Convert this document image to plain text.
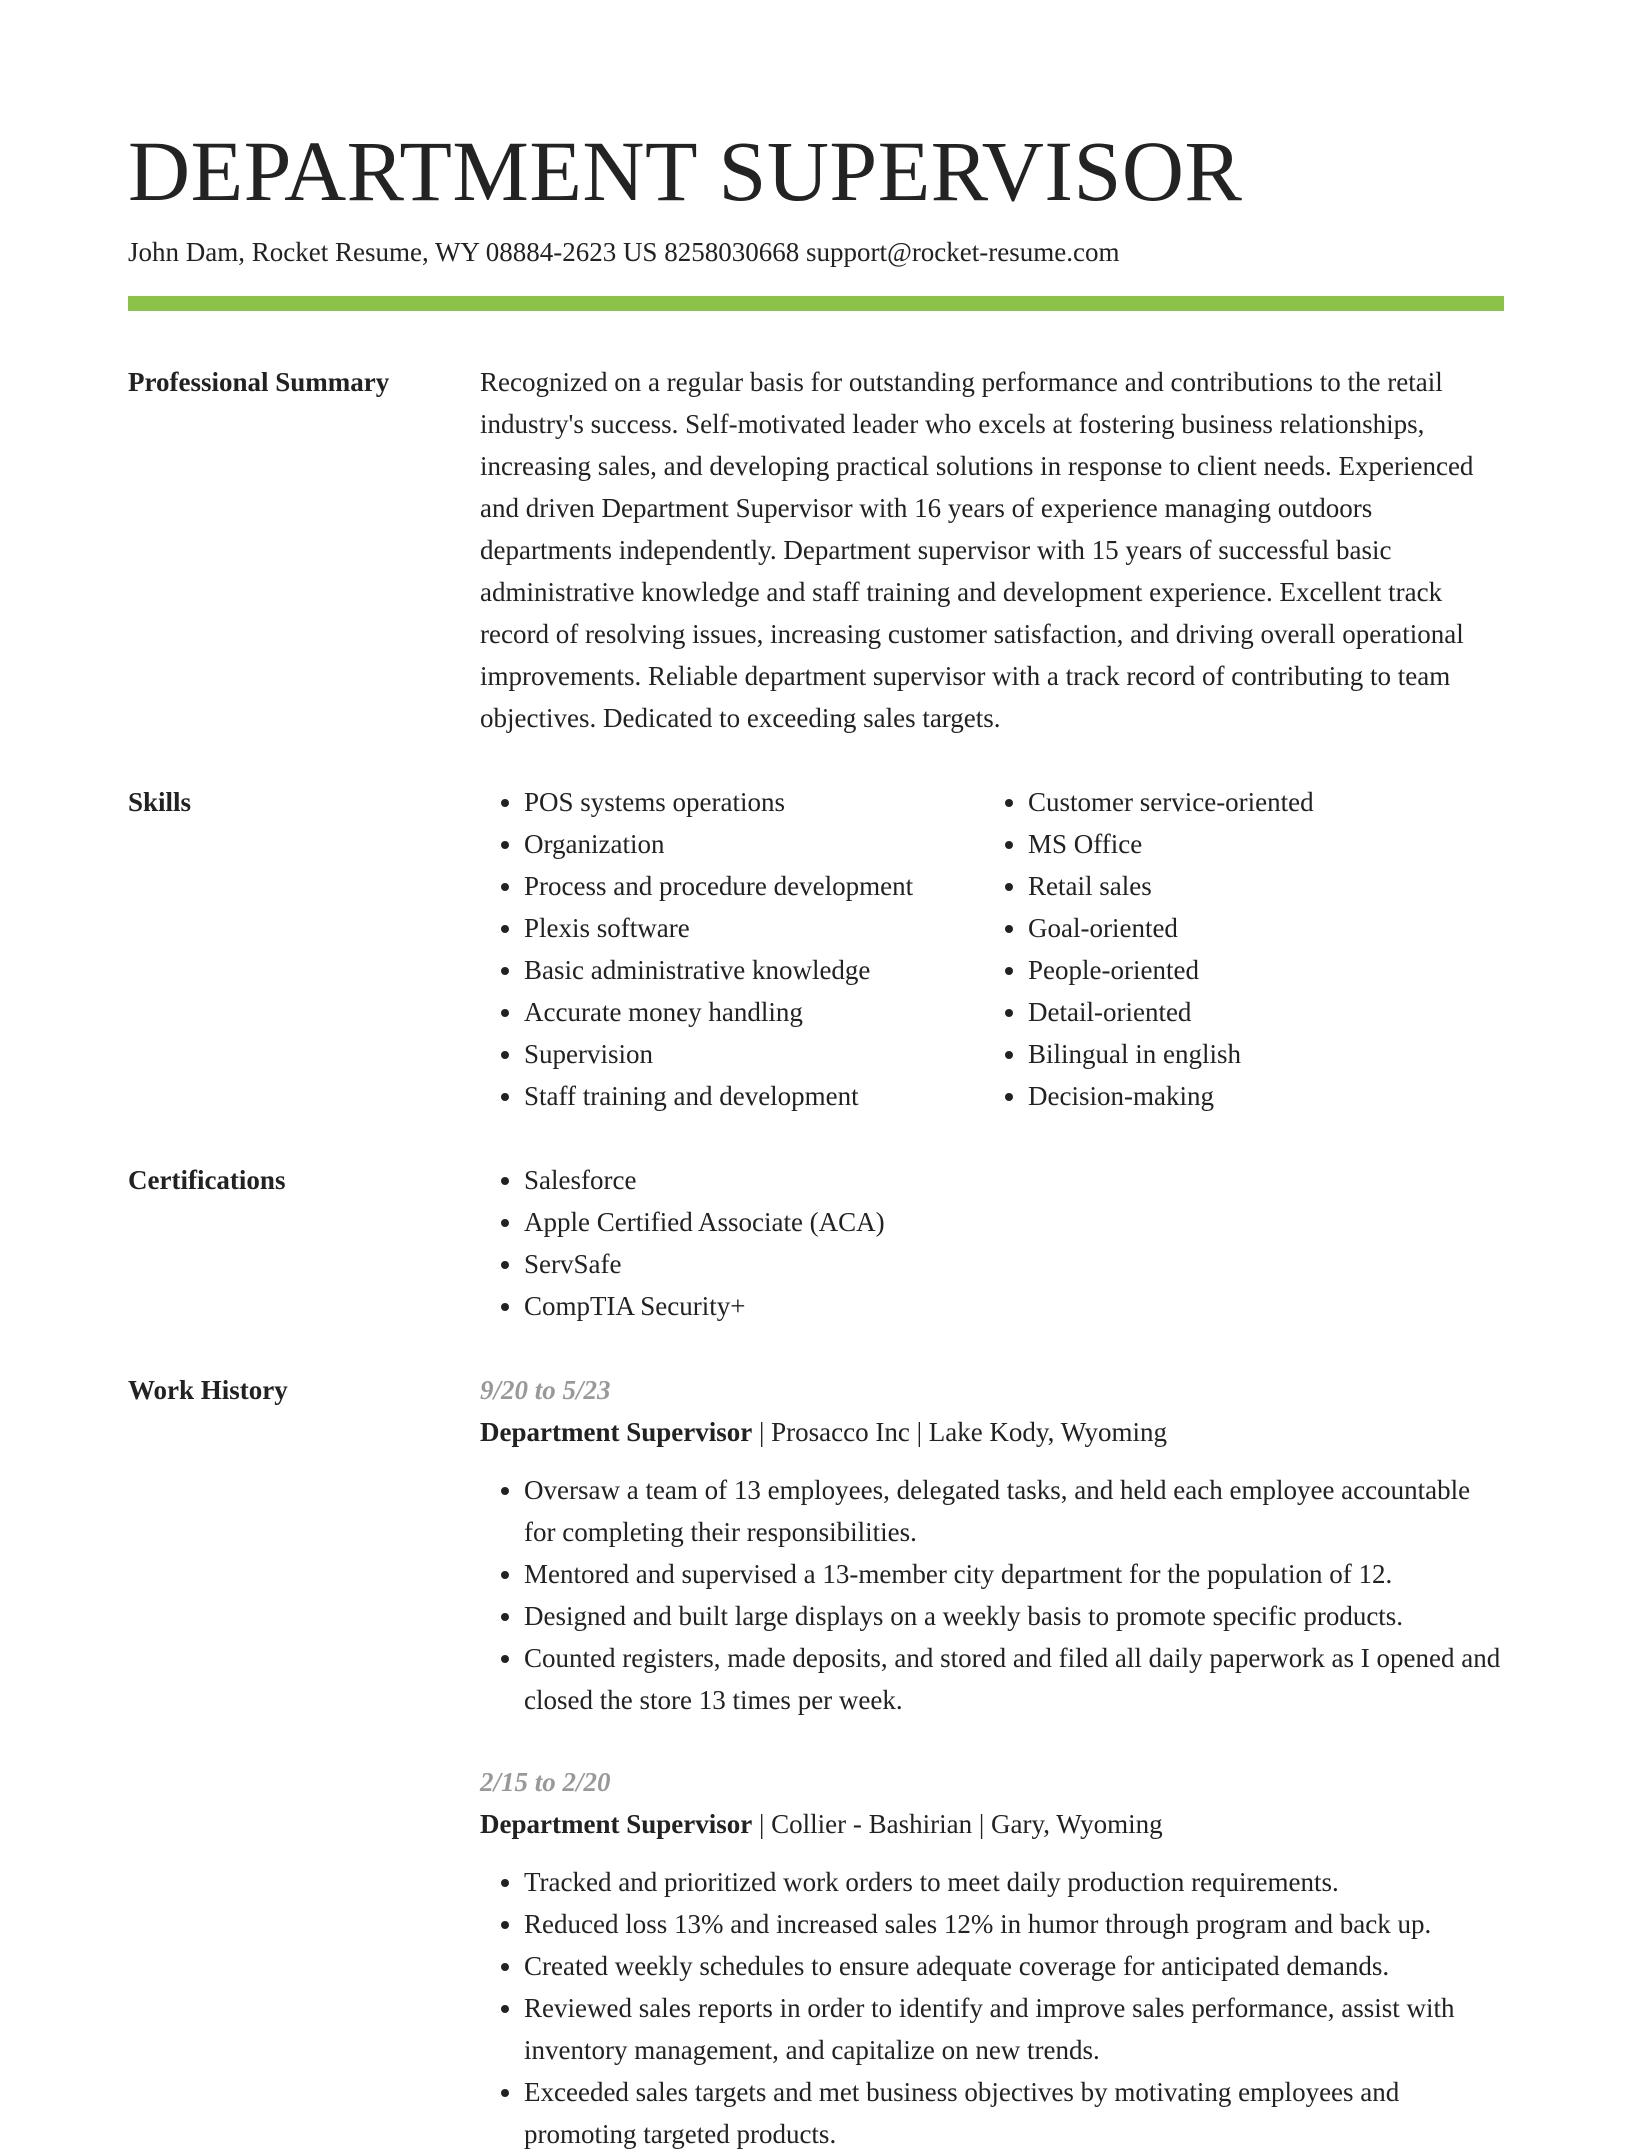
DEPARTMENT SUPERVISOR
John Dam, Rocket Resume, WY 08884-2623 US 8258030668 support@rocket-resume.com
Professional Summary	Recognized on a regular basis for outstanding performance and contributions to the retail industry's success. Self-motivated leader who excels at fostering business relationships, increasing sales, and developing practical solutions in response to client needs. Experienced and driven Department Supervisor with 16 years of experience managing outdoors departments independently. Department supervisor with 15 years of successful basic administrative knowledge and staff training and development experience. Excellent track record of resolving issues, increasing customer satisfaction, and driving overall operational improvements. Reliable department supervisor with a track record of contributing to team objectives. Dedicated to exceeding sales targets.

Skills	• POS systems operations
• Organization
• Process and procedure development
• Plexis software
• Basic administrative knowledge
• Accurate money handling
• Supervision
• Staff training and development
• Customer service-oriented
• MS Office
• Retail sales
• Goal-oriented
• People-oriented
• Detail-oriented
• Bilingual in english
• Decision-making
Certifications	• Salesforce
• Apple Certified Associate (ACA)
• ServSafe
• CompTIA Security+
Work History	9/20 to 5/23
Department Supervisor | Prosacco Inc | Lake Kody, Wyoming
• Oversaw a team of 13 employees, delegated tasks, and held each employee accountable for completing their responsibilities.
• Mentored and supervised a 13-member city department for the population of 12.
• Designed and built large displays on a weekly basis to promote specific products.
• Counted registers, made deposits, and stored and filed all daily paperwork as I opened and closed the store 13 times per week.
2/15 to 2/20
Department Supervisor | Collier - Bashirian | Gary, Wyoming
• Tracked and prioritized work orders to meet daily production requirements.
• Reduced loss 13% and increased sales 12% in humor through program and back up.
• Created weekly schedules to ensure adequate coverage for anticipated demands.
• Reviewed sales reports in order to identify and improve sales performance, assist with inventory management, and capitalize on new trends.
• Exceeded sales targets and met business objectives by motivating employees and promoting targeted products.
